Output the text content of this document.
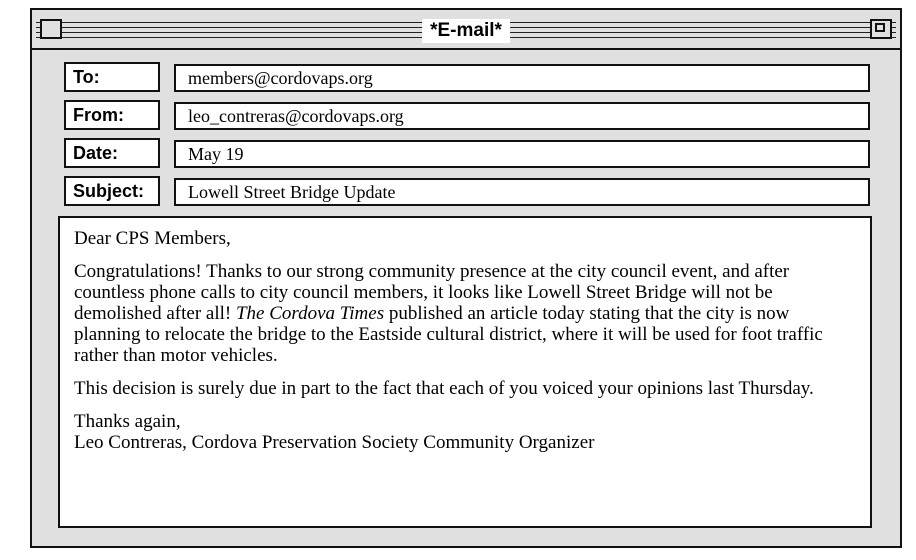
*E-mail*
To:	members@cordovaps.org
From:	leo_contreras@cordovaps.org
Date:	May 19
Subject:	Lowell Street Bridge Update

Dear CPS Members,

Congratulations! Thanks to our strong community presence at the city council event, and after countless phone calls to city council members, it looks like Lowell Street Bridge will not be demolished after all! The Cordova Times published an article today stating that the city is now planning to relocate the bridge to the Eastside cultural district, where it will be used for foot traffic rather than motor vehicles.

This decision is surely due in part to the fact that each of you voiced your opinions last Thursday.

Thanks again,

Leo Contreras, Cordova Preservation Society Community Organizer
